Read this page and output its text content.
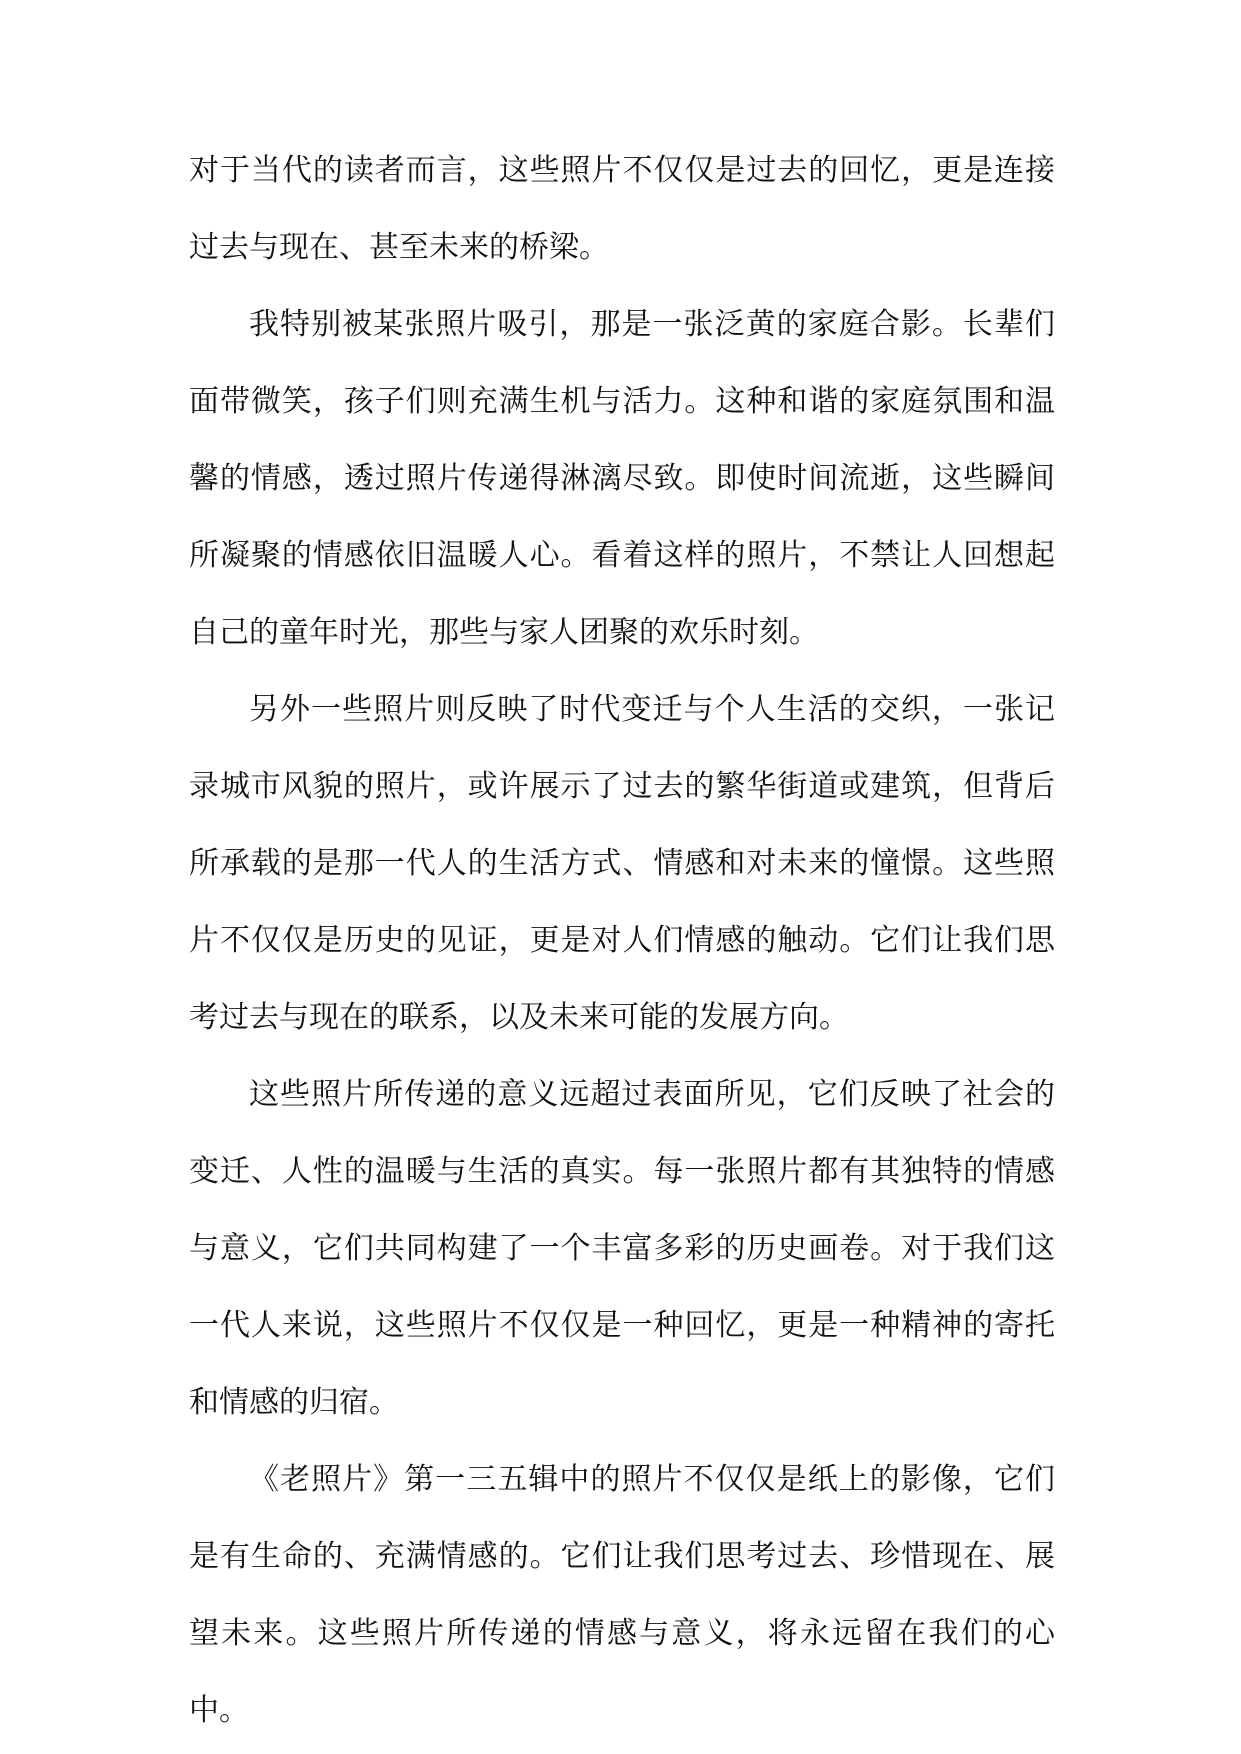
对于当代的读者而言，这些照片不仅仅是过去的回忆，更是连接过去与现在、甚至未来的桥梁。

我特别被某张照片吸引，那是一张泛黄的家庭合影。长辈们面带微笑，孩子们则充满生机与活力。这种和谐的家庭氛围和温馨的情感，透过照片传递得淋漓尽致。即使时间流逝，这些瞬间所凝聚的情感依旧温暖人心。看着这样的照片，不禁让人回想起自己的童年时光，那些与家人团聚的欢乐时刻。

另外一些照片则反映了时代变迁与个人生活的交织，一张记录城市风貌的照片，或许展示了过去的繁华街道或建筑，但背后所承载的是那一代人的生活方式、情感和对未来的憧憬。这些照片不仅仅是历史的见证，更是对人们情感的触动。它们让我们思考过去与现在的联系，以及未来可能的发展方向。

这些照片所传递的意义远超过表面所见，它们反映了社会的变迁、人性的温暖与生活的真实。每一张照片都有其独特的情感与意义，它们共同构建了一个丰富多彩的历史画卷。对于我们这一代人来说，这些照片不仅仅是一种回忆，更是一种精神的寄托和情感的归宿。

《老照片》第一三五辑中的照片不仅仅是纸上的影像，它们是有生命的、充满情感的。它们让我们思考过去、珍惜现在、展望未来。这些照片所传递的情感与意义，将永远留在我们的心中。
